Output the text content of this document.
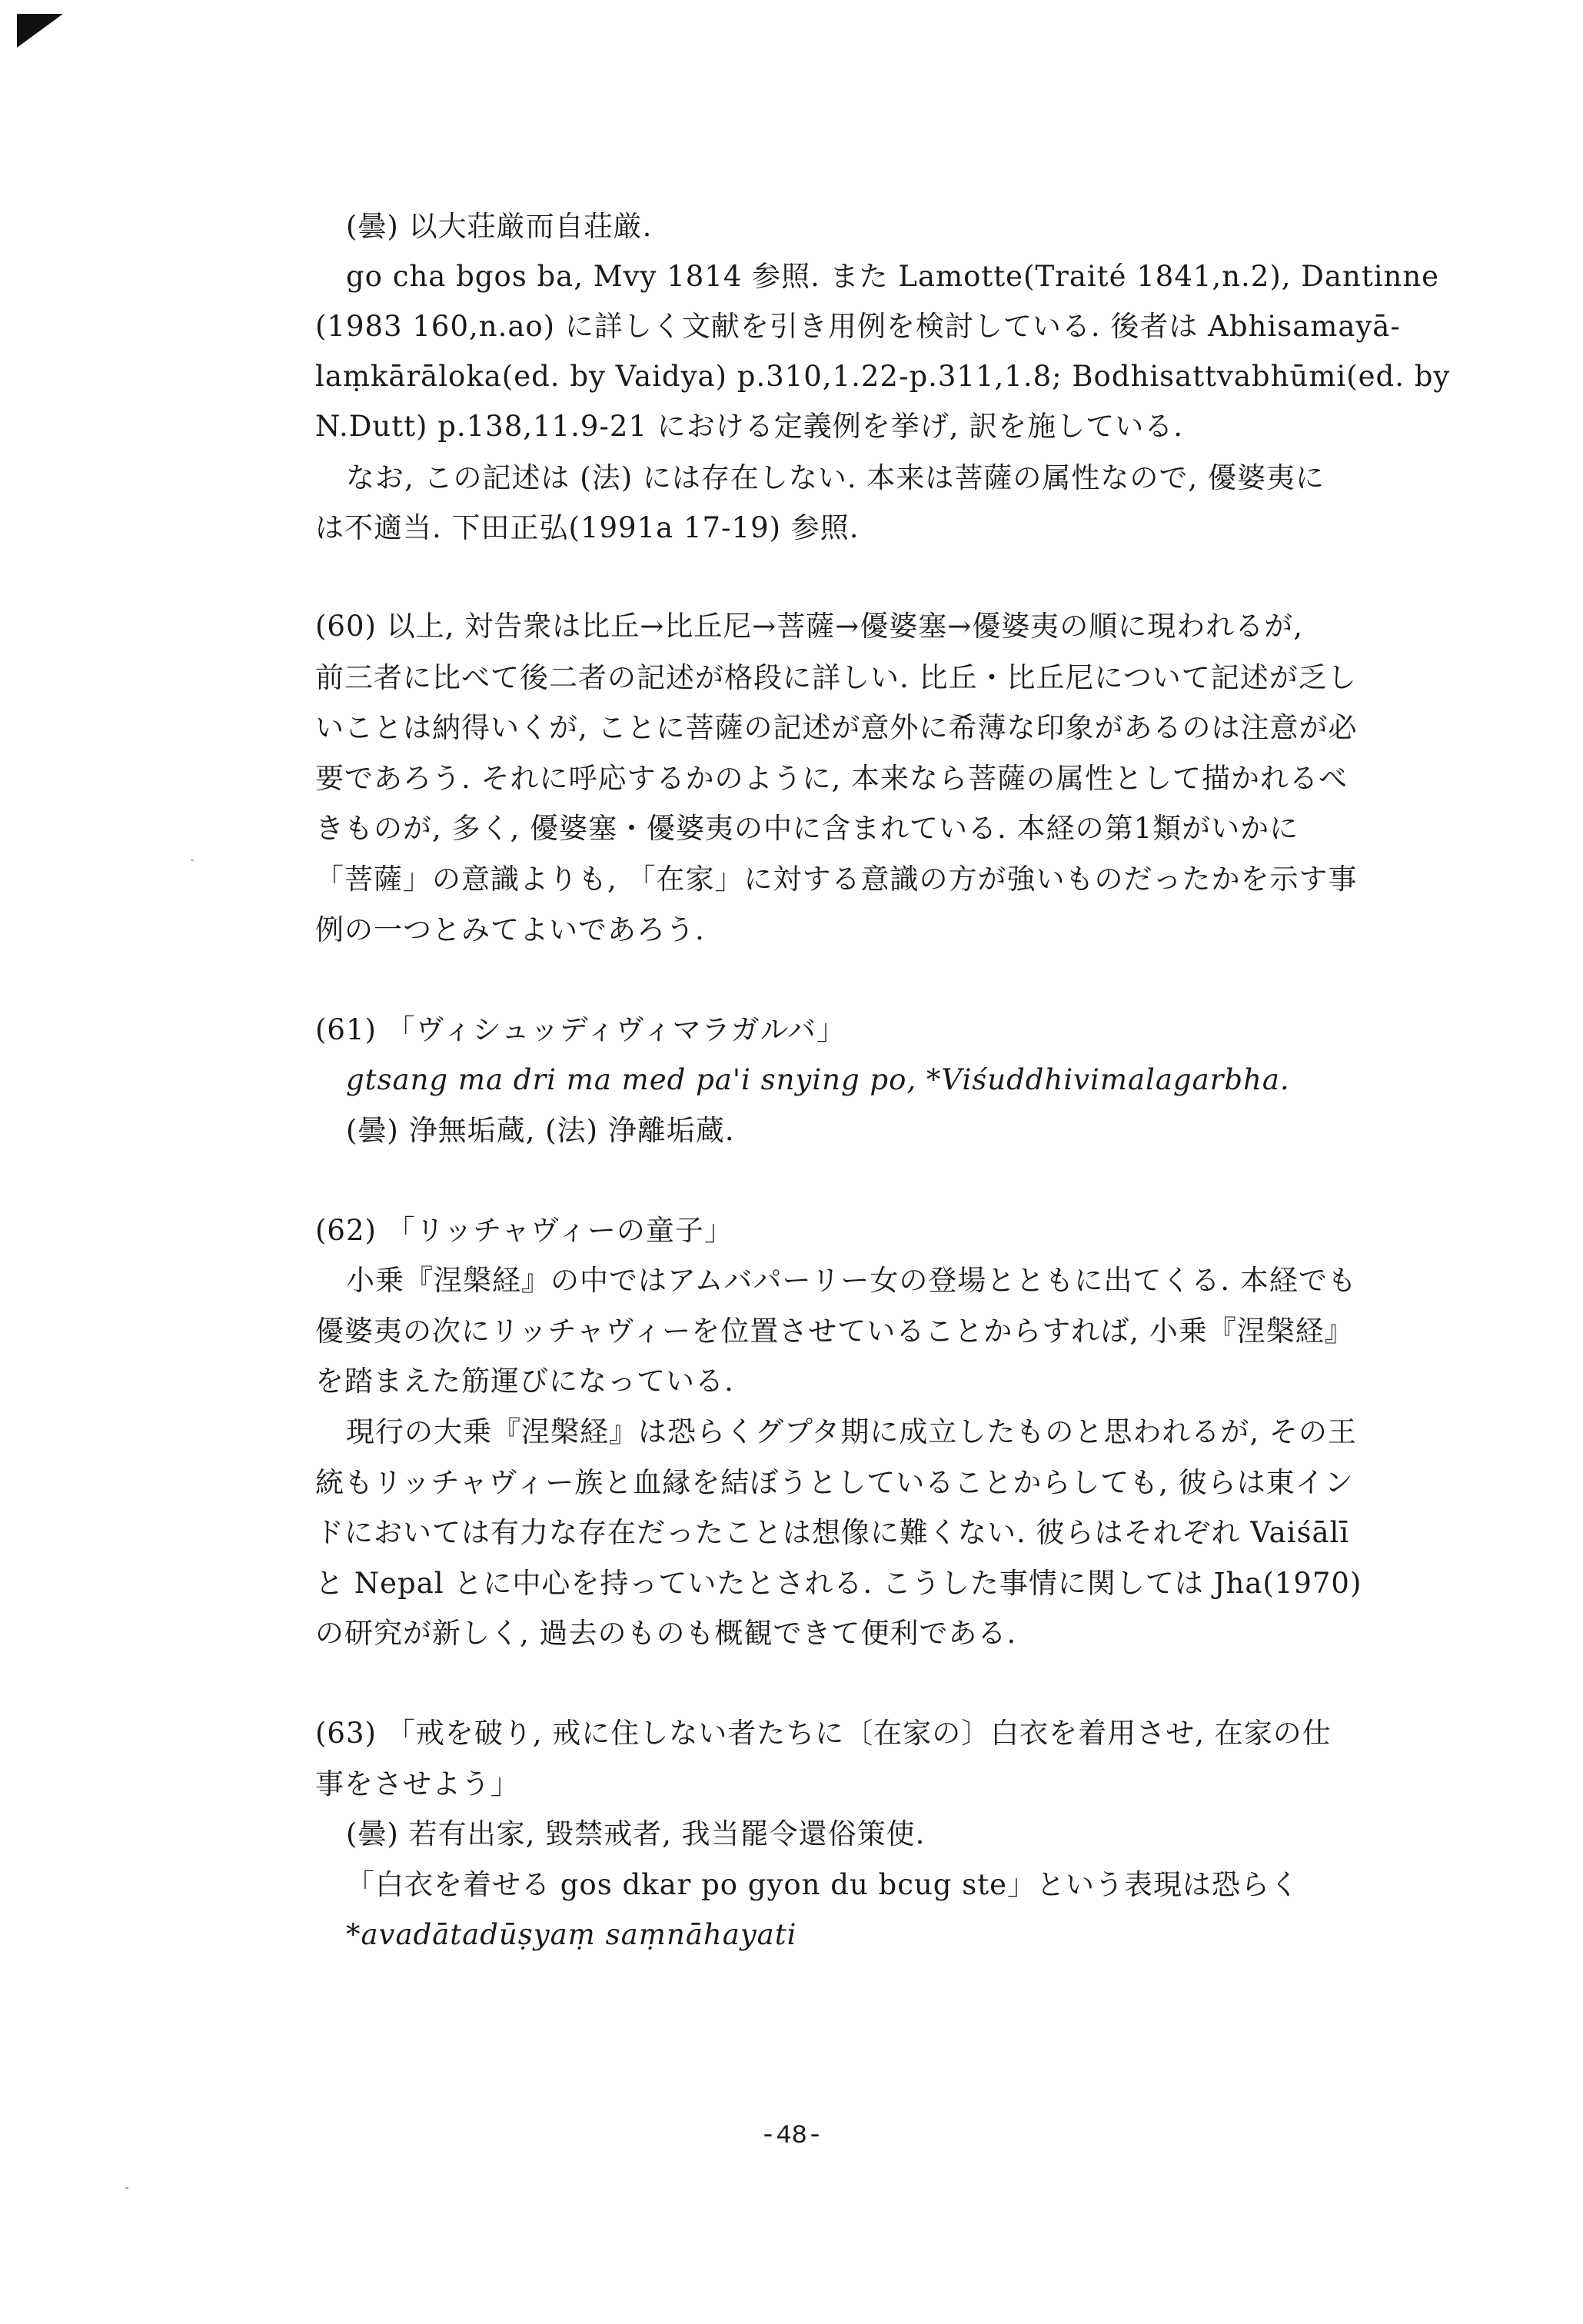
(曇) 以大荘厳而自荘厳.
go cha bgos ba, Mvy 1814 参照. また Lamotte(Traité 1841,n.2), Dantinne
(1983 160,n.ao) に詳しく文献を引き用例を検討している. 後者は Abhisamayā-
laṃkārāloka(ed. by Vaidya) p.310,1.22-p.311,1.8; Bodhisattvabhūmi(ed. by
N.Dutt) p.138,11.9-21 における定義例を挙げ, 訳を施している.
なお, この記述は (法) には存在しない. 本来は菩薩の属性なので, 優婆夷に
は不適当. 下田正弘(1991a 17-19) 参照.
(60) 以上, 対告衆は比丘→比丘尼→菩薩→優婆塞→優婆夷の順に現われるが,
前三者に比べて後二者の記述が格段に詳しい. 比丘・比丘尼について記述が乏し
いことは納得いくが, ことに菩薩の記述が意外に希薄な印象があるのは注意が必
要であろう. それに呼応するかのように, 本来なら菩薩の属性として描かれるべ
きものが, 多く, 優婆塞・優婆夷の中に含まれている. 本経の第1類がいかに
「菩薩」の意識よりも, 「在家」に対する意識の方が強いものだったかを示す事
例の一つとみてよいであろう.
(61) 「ヴィシュッディヴィマラガルバ」
gtsang ma dri ma med pa'i snying po, *Viśuddhivimalagarbha.
(曇) 浄無垢蔵, (法) 浄離垢蔵.
(62) 「リッチャヴィーの童子」
小乗『涅槃経』の中ではアムバパーリー女の登場とともに出てくる. 本経でも
優婆夷の次にリッチャヴィーを位置させていることからすれば, 小乗『涅槃経』
を踏まえた筋運びになっている.
現行の大乗『涅槃経』は恐らくグプタ期に成立したものと思われるが, その王
統もリッチャヴィー族と血縁を結ぼうとしていることからしても, 彼らは東イン
ドにおいては有力な存在だったことは想像に難くない. 彼らはそれぞれ Vaiśālī
と Nepal とに中心を持っていたとされる. こうした事情に関しては Jha(1970)
の研究が新しく, 過去のものも概観できて便利である.
(63) 「戒を破り, 戒に住しない者たちに〔在家の〕白衣を着用させ, 在家の仕
事をさせよう」
(曇) 若有出家, 毀禁戒者, 我当罷令還俗策使.
「白衣を着せる gos dkar po gyon du bcug ste」という表現は恐らく
*avadātadūṣyaṃ saṃnāhayati
-48-
